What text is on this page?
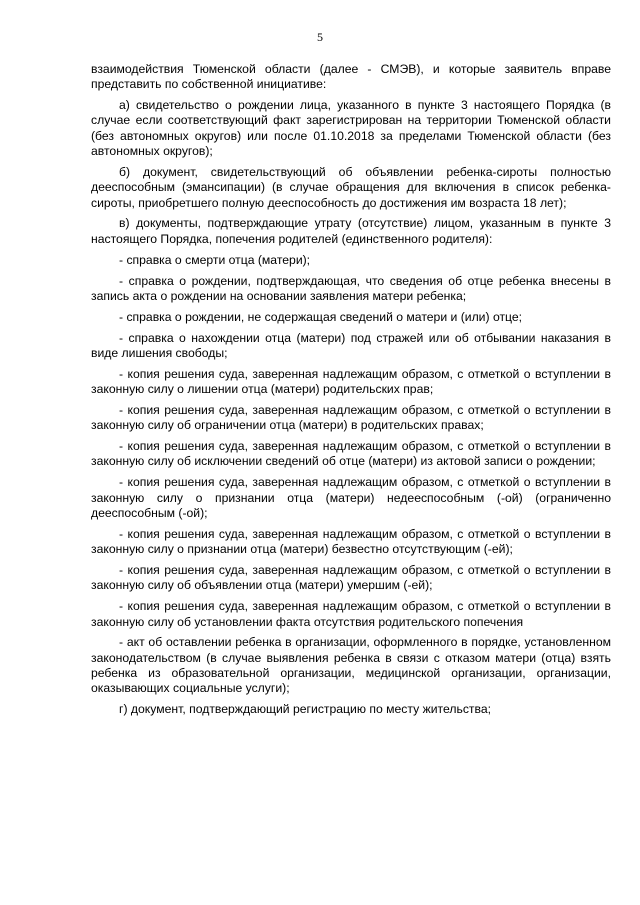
5

взаимодействия Тюменской области (далее - СМЭВ), и которые заявитель вправе представить по собственной инициативе:

а) свидетельство о рождении лица, указанного в пункте 3 настоящего Порядка (в случае если соответствующий факт зарегистрирован на территории Тюменской области (без автономных округов) или после 01.10.2018 за пределами Тюменской области (без автономных округов);

б) документ, свидетельствующий об объявлении ребенка-сироты полностью дееспособным (эмансипации) (в случае обращения для включения в список ребенка-сироты, приобретшего полную дееспособность до достижения им возраста 18 лет);

в) документы, подтверждающие утрату (отсутствие) лицом, указанным в пункте 3 настоящего Порядка, попечения родителей (единственного родителя):

- справка о смерти отца (матери);

- справка о рождении, подтверждающая, что сведения об отце ребенка внесены в запись акта о рождении на основании заявления матери ребенка;

- справка о рождении, не содержащая сведений о матери и (или) отце;

- справка о нахождении отца (матери) под стражей или об отбывании наказания в виде лишения свободы;

- копия решения суда, заверенная надлежащим образом, с отметкой о вступлении в законную силу о лишении отца (матери) родительских прав;

- копия решения суда, заверенная надлежащим образом, с отметкой о вступлении в законную силу об ограничении отца (матери) в родительских правах;

- копия решения суда, заверенная надлежащим образом, с отметкой о вступлении в законную силу об исключении сведений об отце (матери) из актовой записи о рождении;

- копия решения суда, заверенная надлежащим образом, с отметкой о вступлении в законную силу о признании отца (матери) недееспособным (-ой) (ограниченно дееспособным (-ой);

- копия решения суда, заверенная надлежащим образом, с отметкой о вступлении в законную силу о признании отца (матери) безвестно отсутствующим (-ей);

- копия решения суда, заверенная надлежащим образом, с отметкой о вступлении в законную силу об объявлении отца (матери) умершим (-ей);

- копия решения суда, заверенная надлежащим образом, с отметкой о вступлении в законную силу об установлении факта отсутствия родительского попечения

- акт об оставлении ребенка в организации, оформленного в порядке, установленном законодательством (в случае выявления ребенка в связи с отказом матери (отца) взять ребенка из образовательной организации, медицинской организации, организации, оказывающих социальные услуги);

г) документ, подтверждающий регистрацию по месту жительства;
